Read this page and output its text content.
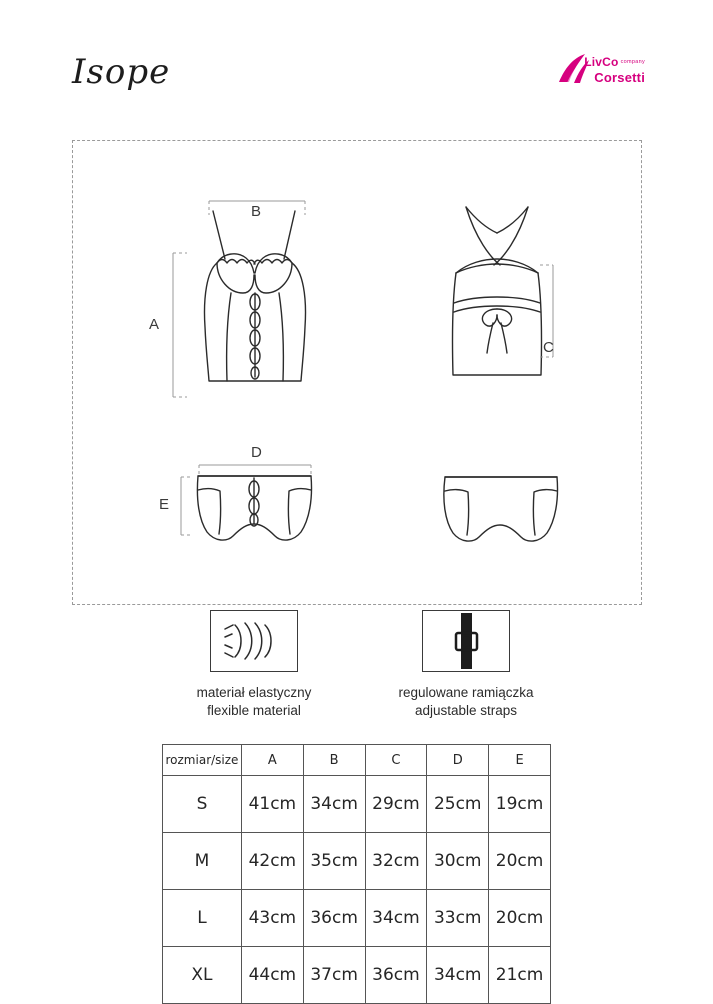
Isope	LivCo company
Corsetti
A
B
C
D
E
materiał elastyczny
flexible material
regulowane ramiączka
adjustable straps
rozmiar/size	A	B	C	D	E
S	41cm	34cm	29cm	25cm	19cm
M	42cm	35cm	32cm	30cm	20cm
L	43cm	36cm	34cm	33cm	20cm
XL	44cm	37cm	36cm	34cm	21cm
